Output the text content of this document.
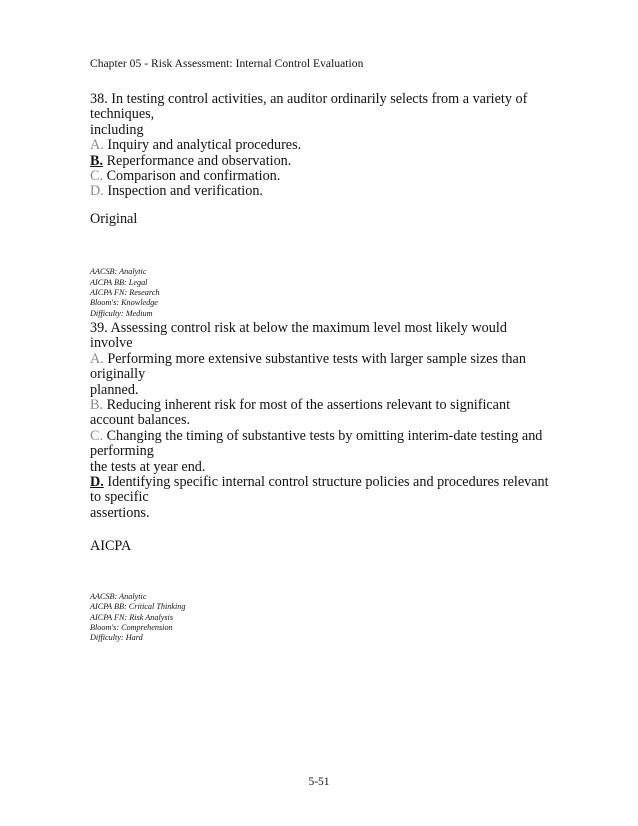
Chapter 05 - Risk Assessment: Internal Control Evaluation
38. In testing control activities, an auditor ordinarily selects from a variety of techniques,
including
A. Inquiry and analytical procedures.
B. Reperformance and observation.
C. Comparison and confirmation.
D. Inspection and verification.
Original
AACSB: Analytic
AICPA BB: Legal
AICPA FN: Research
Bloom's: Knowledge
Difficulty: Medium
39. Assessing control risk at below the maximum level most likely would involve
A. Performing more extensive substantive tests with larger sample sizes than originally
planned.
B. Reducing inherent risk for most of the assertions relevant to significant account balances.
C. Changing the timing of substantive tests by omitting interim-date testing and performing
the tests at year end.
D. Identifying specific internal control structure policies and procedures relevant to specific
assertions.
AICPA
AACSB: Analytic
AICPA BB: Critical Thinking
AICPA FN: Risk Analysis
Bloom's: Comprehension
Difficulty: Hard
5-51
